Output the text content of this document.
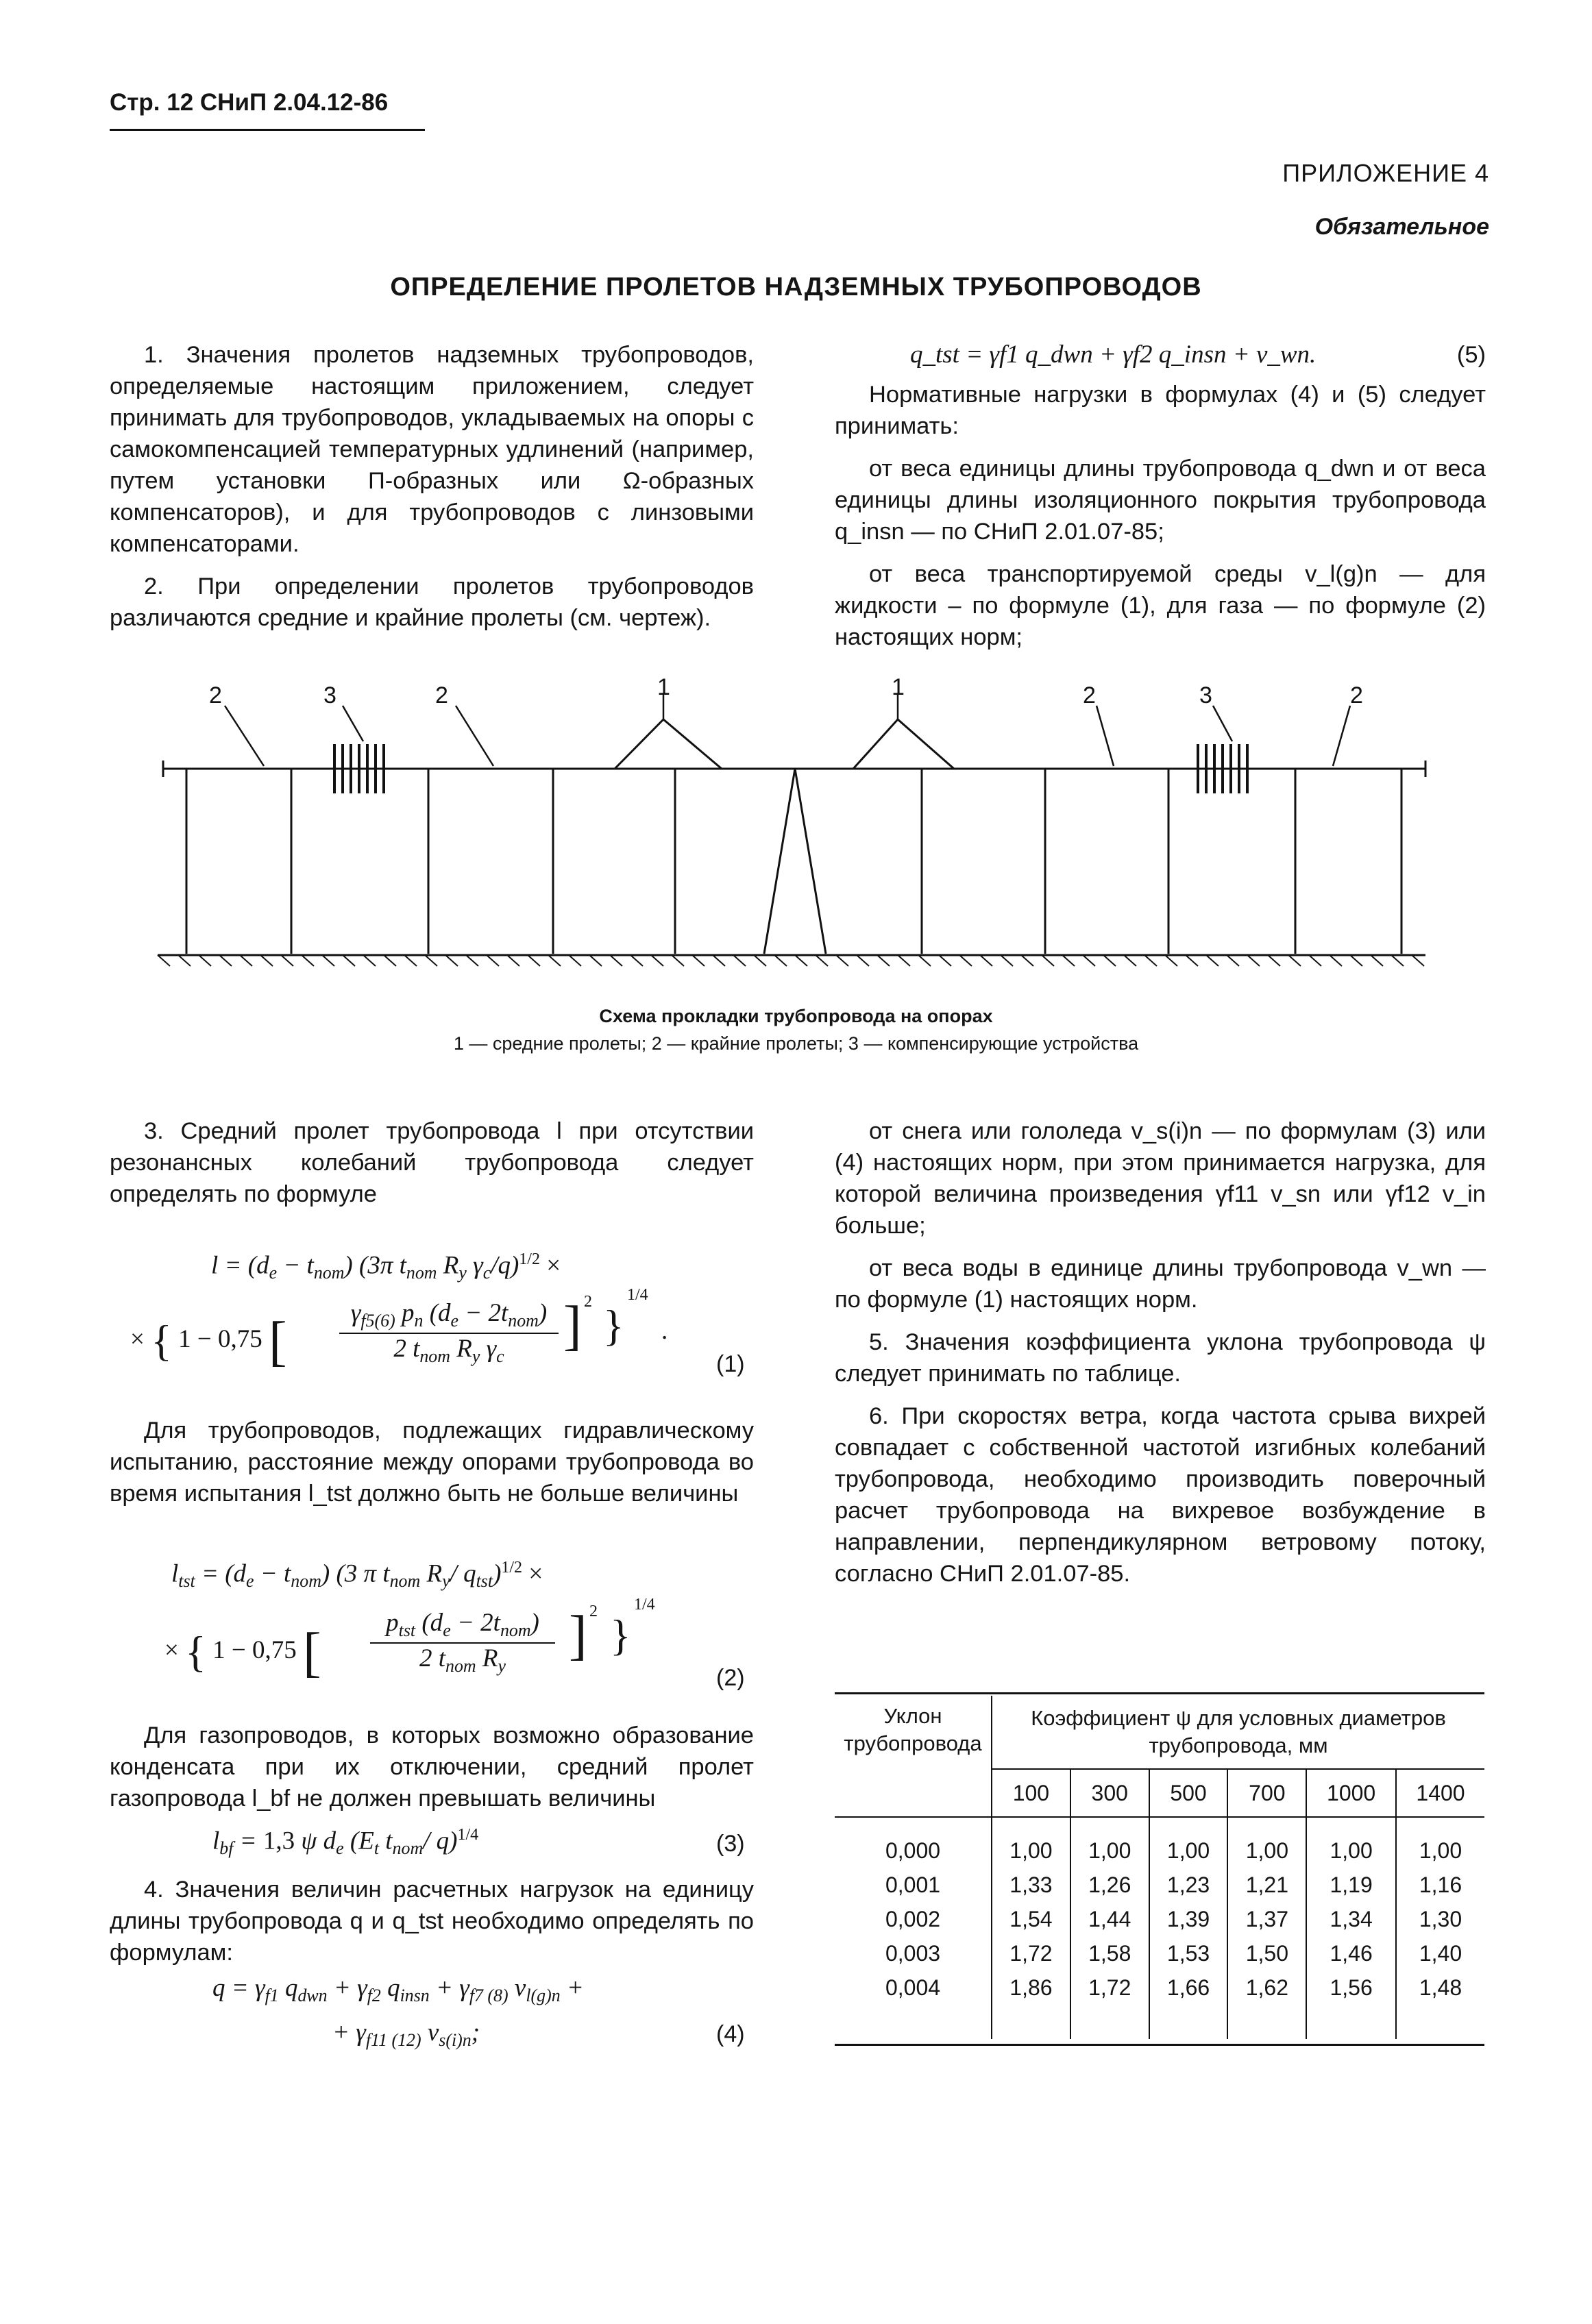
Стр. 12 СНиП 2.04.12-86
ПРИЛОЖЕНИЕ 4
Обязательное
ОПРЕДЕЛЕНИЕ ПРОЛЕТОВ НАДЗЕМНЫХ ТРУБОПРОВОДОВ

1. Значения пролетов надземных трубопроводов, определяемые настоящим приложением, следует принимать для трубопроводов, укладываемых на опоры с самокомпенсацией температурных удлинений (например, путем установки П-образных или Ω-образных компенсаторов), и для трубопроводов с линзовыми компенсаторами.

2. При определении пролетов трубопроводов различаются средние и крайние пролеты (см. чертеж).

q_tst = γf1 q_dwn + γf2 q_insn + v_wn.	(5)

Нормативные нагрузки в формулах (4) и (5) следует принимать:

от веса единицы длины трубопровода q_dwn и от веса единицы длины изоляционного покрытия трубопровода q_insn — по СНиП 2.01.07-85;

от веса транспортируемой среды v_l(g)n — для жидкости – по формуле (1), для газа — по формуле (2) настоящих норм;

2	3	2	1	1	2	3	2
Схема прокладки трубопровода на опорах
1 — средние пролеты; 2 — крайние пролеты; 3 — компенсирующие устройства

3. Средний пролет трубопровода l при отсутствии резонансных колебаний трубопровода следует определять по формуле

$l = (d_e - t_{nom})$ (3π $t_{nom}$ $R_y$ $\gamma_c/q)^{1/2}$ ×
× { 1 − 0,75 [	$\gamma_{f5(6)}$ $p_n$ $(d_e - 2t_{nom})$
2 $t_{nom}$ $R_y$ $\gamma_c$
] 2 }
1/4
.
(1)

Для трубопроводов, подлежащих гидравлическому испытанию, расстояние между опорами трубопровода во время испытания l_tst должно быть не больше величины

$l_{tst} = (d_e - t_{nom})$ (3 π $t_{nom}$ $R_y/$ $q_{tst})^{1/2}$ ×
× { 1 − 0,75 [	$p_{tst}$ $(d_e - 2t_{nom})$
2 $t_{nom}$ $R_y$
] 2 }
1/4
(2)

Для газопроводов, в которых возможно образование конденсата при их отключении, средний пролет газопровода l_bf не должен превышать величины

$l_{bf} = 1,3$ ψ $d_e$ ($E_t$ $t_{nom}/$ q)$^{1/4}$	(3)

4. Значения величин расчетных нагрузок на единицу длины трубопровода q и q_tst необходимо определять по формулам:

$q = \gamma_{f1}$ $q_{dwn} + \gamma_{f2}$ $q_{insn} + \gamma_{f7 (8)}$ $v_{l(g)n}$ +
+ $\gamma_{f11 (12)}$ $v_{s(i)n}$;	(4)

от снега или гололеда v_s(i)n — по формулам (3) или (4) настоящих норм, при этом принимается нагрузка, для которой величина произведения γf11 v_sn или γf12 v_in больше;

от веса воды в единице длины трубопровода v_wn — по формуле (1) настоящих норм.

5. Значения коэффициента уклона трубопровода ψ следует принимать по таблице.

6. При скоростях ветра, когда частота срыва вихрей совпадает с собственной частотой изгибных колебаний трубопровода, необходимо производить поверочный расчет трубопровода на вихревое возбуждение в направлении, перпендикулярном ветровому потоку, согласно СНиП 2.01.07-85.

Уклон трубопровода	Коэффициент ψ для условных диаметров трубопровода, мм					
	100	300	500	700	1000	1400

0,000	1,00	1,00	1,00	1,00	1,00	1,00
0,001	1,33	1,26	1,23	1,21	1,19	1,16
0,002	1,54	1,44	1,39	1,37	1,34	1,30
0,003	1,72	1,58	1,53	1,50	1,46	1,40
0,004	1,86	1,72	1,66	1,62	1,56	1,48
